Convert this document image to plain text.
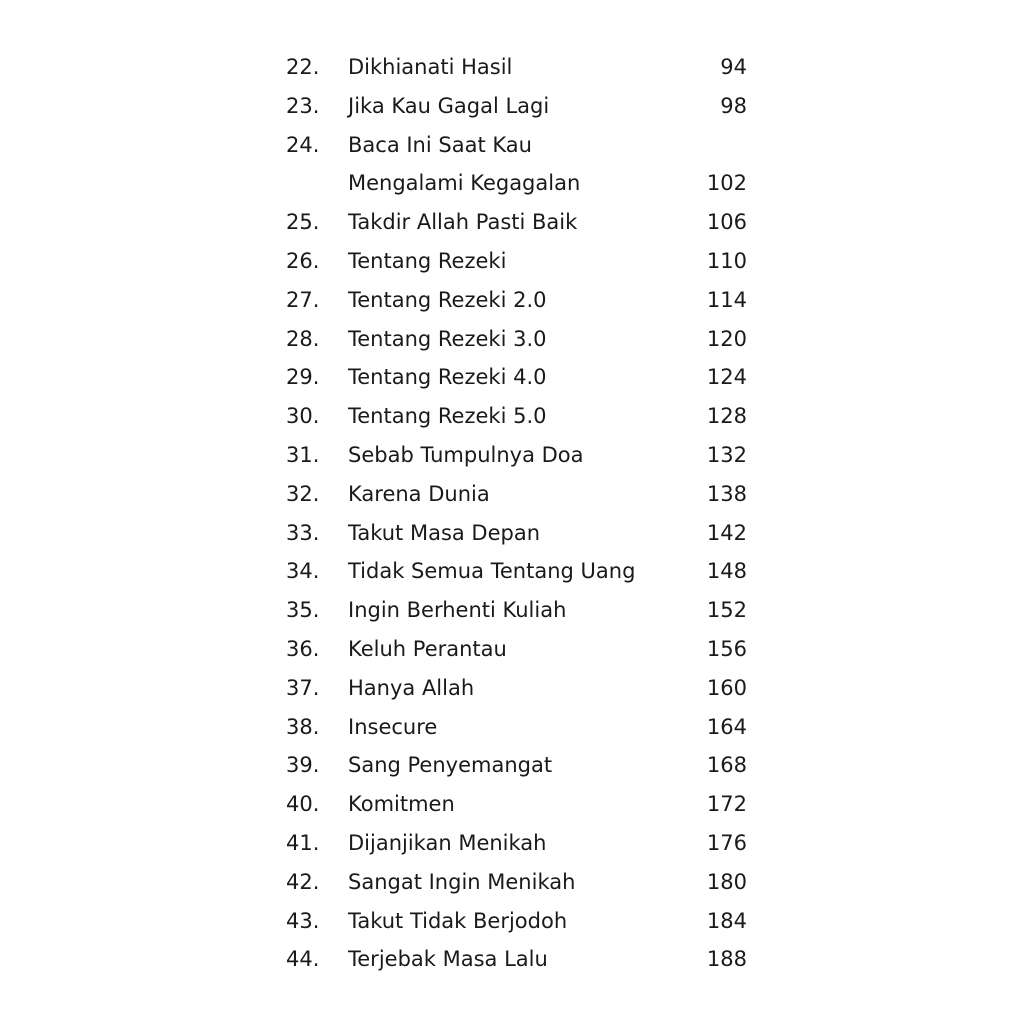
22.	Dikhianati Hasil	94
23.	Jika Kau Gagal Lagi	98
24.	Baca Ini Saat Kau
Mengalami Kegagalan	102
25.	Takdir Allah Pasti Baik	106
26.	Tentang Rezeki	110
27.	Tentang Rezeki 2.0	114
28.	Tentang Rezeki 3.0	120
29.	Tentang Rezeki 4.0	124
30.	Tentang Rezeki 5.0	128
31.	Sebab Tumpulnya Doa	132
32.	Karena Dunia	138
33.	Takut Masa Depan	142
34.	Tidak Semua Tentang Uang	148
35.	Ingin Berhenti Kuliah	152
36.	Keluh Perantau	156
37.	Hanya Allah	160
38.	Insecure	164
39.	Sang Penyemangat	168
40.	Komitmen	172
41.	Dijanjikan Menikah	176
42.	Sangat Ingin Menikah	180
43.	Takut Tidak Berjodoh	184
44.	Terjebak Masa Lalu	188
